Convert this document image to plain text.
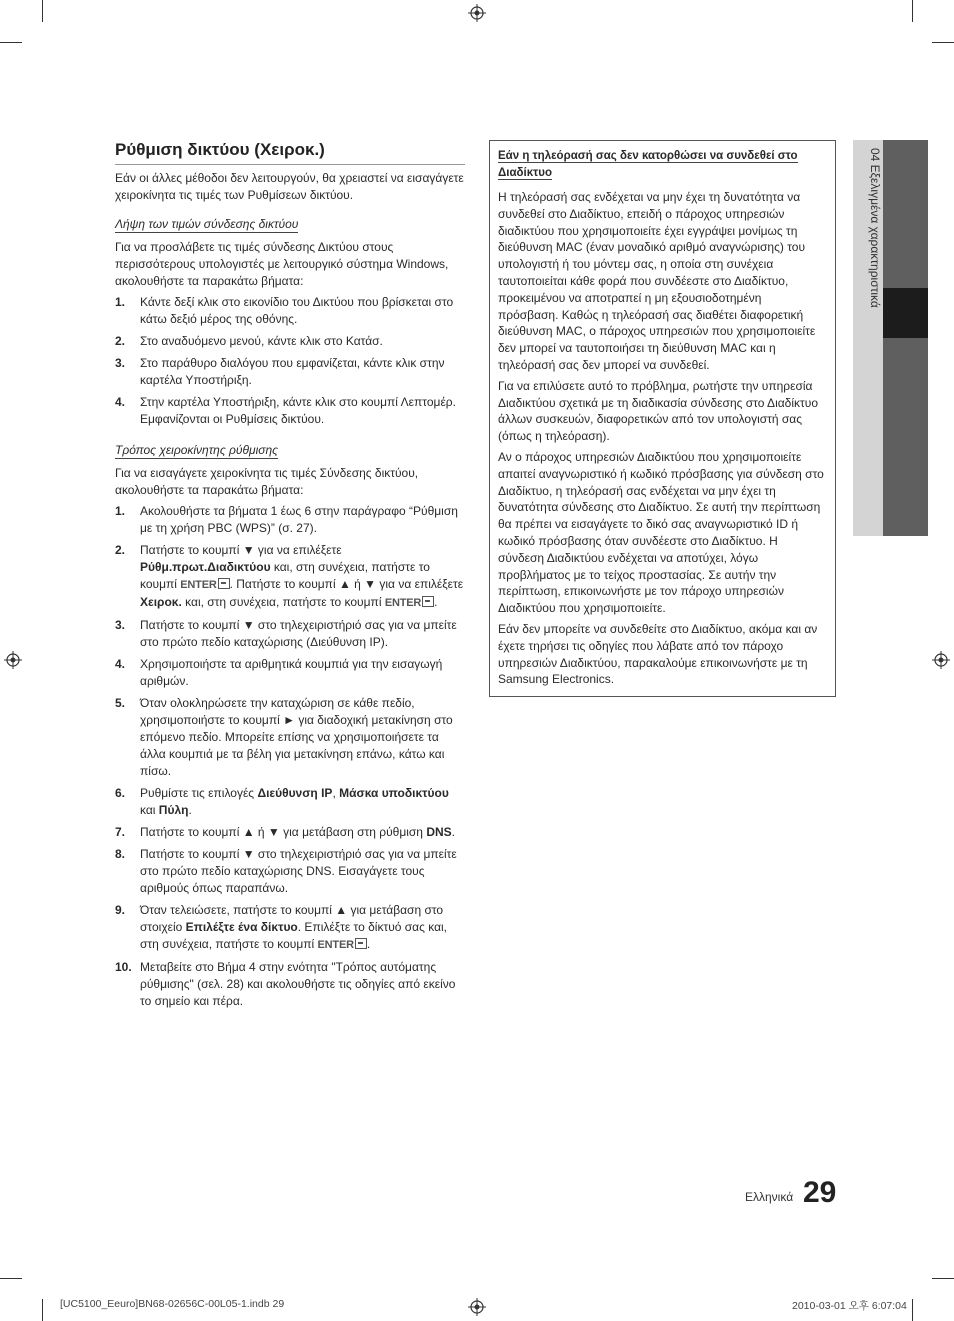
04 Εξελιγμένα χαρακτηριστικά
Ρύθμιση δικτύου (Χειροκ.)

Εάν οι άλλες μέθοδοι δεν λειτουργούν, θα χρειαστεί να εισαγάγετε χειροκίνητα τις τιμές των Ρυθμίσεων δικτύου.

Λήψη των τιμών σύνδεσης δικτύου

Για να προσλάβετε τις τιμές σύνδεσης Δικτύου στους περισσότερους υπολογιστές με λειτουργικό σύστημα Windows, ακολουθήστε τα παρακάτω βήματα:

1. Κάντε δεξί κλικ στο εικονίδιο του Δικτύου που βρίσκεται στο κάτω δεξιό μέρος της οθόνης.
2. Στο αναδυόμενο μενού, κάντε κλικ στο Κατάσ.
3. Στο παράθυρο διαλόγου που εμφανίζεται, κάντε κλικ στην καρτέλα Υποστήριξη.
4. Στην καρτέλα Υποστήριξη, κάντε κλικ στο κουμπί Λεπτομέρ. Εμφανίζονται οι Ρυθμίσεις δικτύου.
Τρόπος χειροκίνητης ρύθμισης

Για να εισαγάγετε χειροκίνητα τις τιμές Σύνδεσης δικτύου, ακολουθήστε τα παρακάτω βήματα:

1. Ακολουθήστε τα βήματα 1 έως 6 στην παράγραφο “Ρύθμιση με τη χρήση PBC (WPS)” (σ. 27).
2. Πατήστε το κουμπί ▼ για να επιλέξετε Ρύθμ.πρωτ.Διαδικτύου και, στη συνέχεια, πατήστε το κουμπί ENTER . Πατήστε το κουμπί ▲ ή ▼ για να επιλέξετε Χειροκ. και, στη συνέχεια, πατήστε το κουμπί ENTER .
3. Πατήστε το κουμπί ▼ στο τηλεχειριστήριό σας για να μπείτε στο πρώτο πεδίο καταχώρισης (Διεύθυνση IP).
4. Χρησιμοποιήστε τα αριθμητικά κουμπιά για την εισαγωγή αριθμών.
5. Όταν ολοκληρώσετε την καταχώριση σε κάθε πεδίο, χρησιμοποιήστε το κουμπί ► για διαδοχική μετακίνηση στο επόμενο πεδίο. Μπορείτε επίσης να χρησιμοποιήσετε τα άλλα κουμπιά με τα βέλη για μετακίνηση επάνω, κάτω και πίσω.
6. Ρυθμίστε τις επιλογές Διεύθυνση IP, Μάσκα υποδικτύου και Πύλη.
7. Πατήστε το κουμπί ▲ ή ▼ για μετάβαση στη ρύθμιση DNS.
8. Πατήστε το κουμπί ▼ στο τηλεχειριστήριό σας για να μπείτε στο πρώτο πεδίο καταχώρισης DNS. Εισαγάγετε τους αριθμούς όπως παραπάνω.
9. Όταν τελειώσετε, πατήστε το κουμπί ▲ για μετάβαση στο στοιχείο Επιλέξτε ένα δίκτυο. Επιλέξτε το δίκτυό σας και, στη συνέχεια, πατήστε το κουμπί ENTER .
10. Μεταβείτε στο Βήμα 4 στην ενότητα "Τρόπος αυτόματης ρύθμισης" (σελ. 28) και ακολουθήστε τις οδηγίες από εκείνο το σημείο και πέρα.
Εάν η τηλεόρασή σας δεν κατορθώσει να συνδεθεί στο Διαδίκτυο

Η τηλεόρασή σας ενδέχεται να μην έχει τη δυνατότητα να συνδεθεί στο Διαδίκτυο, επειδή ο πάροχος υπηρεσιών διαδικτύου που χρησιμοποιείτε έχει εγγράψει μονίμως τη διεύθυνση MAC (έναν μοναδικό αριθμό αναγνώρισης) του υπολογιστή ή του μόντεμ σας, η οποία στη συνέχεια ταυτοποιείται κάθε φορά που συνδέεστε στο Διαδίκτυο, προκειμένου να αποτραπεί η μη εξουσιοδοτημένη πρόσβαση. Καθώς η τηλεόρασή σας διαθέτει διαφορετική διεύθυνση MAC, ο πάροχος υπηρεσιών που χρησιμοποιείτε δεν μπορεί να ταυτοποιήσει τη διεύθυνση MAC και η τηλεόρασή σας δεν μπορεί να συνδεθεί.

Για να επιλύσετε αυτό το πρόβλημα, ρωτήστε την υπηρεσία Διαδικτύου σχετικά με τη διαδικασία σύνδεσης στο Διαδίκτυο άλλων συσκευών, διαφορετικών από τον υπολογιστή σας (όπως η τηλεόραση).

Αν ο πάροχος υπηρεσιών Διαδικτύου που χρησιμοποιείτε απαιτεί αναγνωριστικό ή κωδικό πρόσβασης για σύνδεση στο Διαδίκτυο, η τηλεόρασή σας ενδέχεται να μην έχει τη δυνατότητα σύνδεσης στο Διαδίκτυο. Σε αυτή την περίπτωση θα πρέπει να εισαγάγετε το δικό σας αναγνωριστικό ID ή κωδικό πρόσβασης όταν συνδέεστε στο Διαδίκτυο. Η σύνδεση Διαδικτύου ενδέχεται να αποτύχει, λόγω προβλήματος με το τείχος προστασίας. Σε αυτήν την περίπτωση, επικοινωνήστε με τον πάροχο υπηρεσιών Διαδικτύου που χρησιμοποιείτε.

Εάν δεν μπορείτε να συνδεθείτε στο Διαδίκτυο, ακόμα και αν έχετε τηρήσει τις οδηγίες που λάβατε από τον πάροχο υπηρεσιών Διαδικτύου, παρακαλούμε επικοινωνήστε με τη Samsung Electronics.

Ελληνικά 29
[UC5100_Eeuro]BN68-02656C-00L05-1.indb 29	2010-03-01 오후 6:07:04
